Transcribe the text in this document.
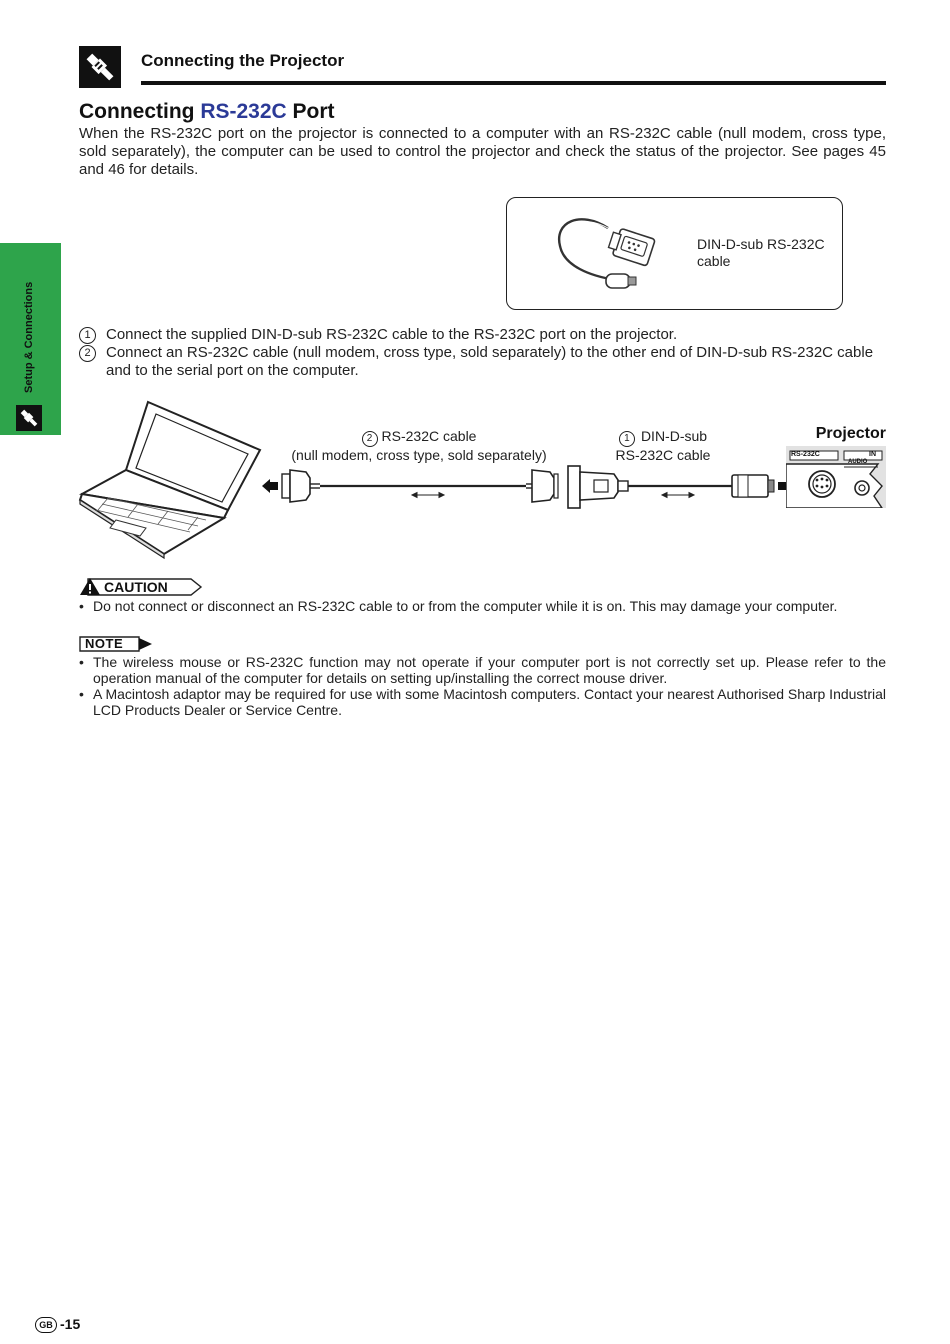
Connecting the Projector
Connecting RS-232C Port
When the RS-232C port on the projector is connected to a computer with an RS-232C cable (null modem, cross type, sold separately), the computer can be used to control the projector and check the status of the projector. See pages 45 and 46 for details.
Setup & Connections
DIN-D-sub RS-232C cable
1	Connect the supplied DIN-D-sub RS-232C cable to the RS-232C port on the projector.
2	Connect an RS-232C cable (null modem, cross type, sold separately) to the other end of DIN-D-sub RS-232C cable and to the serial port on the computer.
RS-232C	IN
AUDIO
Projector
2 RS-232C cable
(null modem, cross type, sold separately)
1 DIN-D-sub
RS-232C cable
CAUTION
• Do not connect or disconnect an RS-232C cable to or from the computer while it is on. This may damage your computer.
NOTE
• The wireless mouse or RS-232C function may not operate if your computer port is not correctly set up. Please refer to the operation manual of the computer for details on setting up/installing the correct mouse driver.
• A Macintosh adaptor may be required for use with some Macintosh computers. Contact your nearest Authorised Sharp Industrial LCD Products Dealer or Service Centre.
GB -15
